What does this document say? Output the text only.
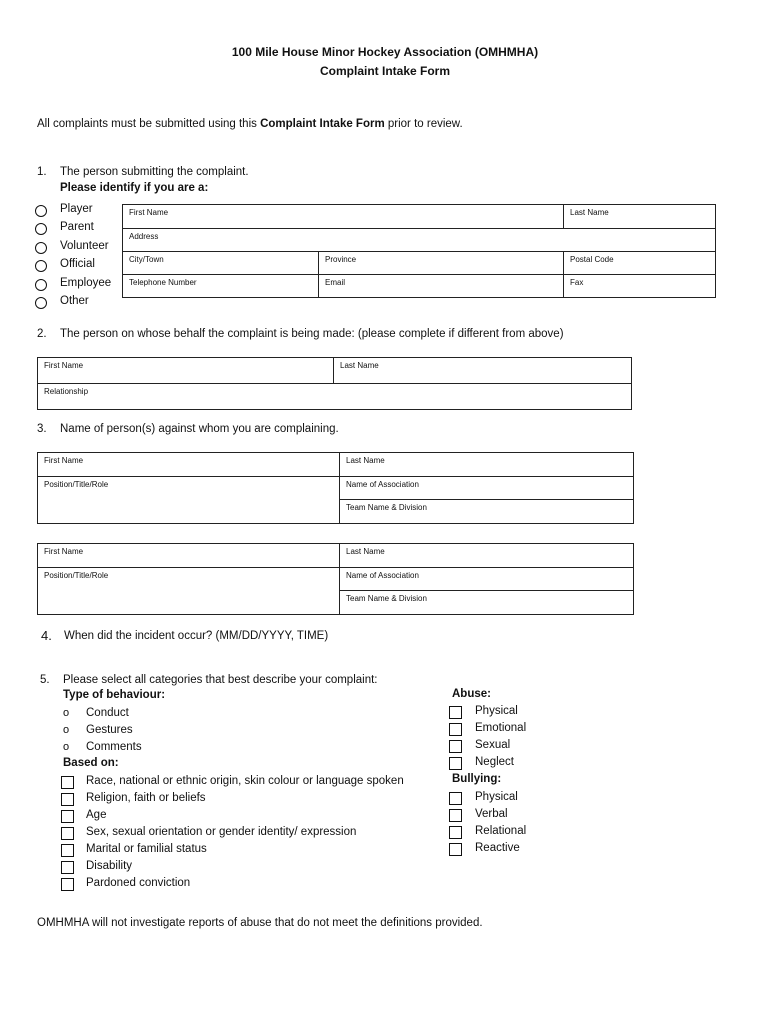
100 Mile House Minor Hockey Association (OMHMHA)
Complaint Intake Form
All complaints must be submitted using this Complaint Intake Form prior to review.
1. The person submitting the complaint.
Please identify if you are a:
Player
Parent
Volunteer
Official
Employee
Other
First Name		Last Name
Address		
City/Town	Province	Postal Code
Telephone Number	Email	Fax
2. The person on whose behalf the complaint is being made: (please complete if different from above)
First Name	Last Name
Relationship
3. Name of person(s) against whom you are complaining.
First Name	Last Name
Position/Title/Role	Name of Association
	Team Name & Division
First Name	Last Name
Position/Title/Role	Name of Association
	Team Name & Division
4. When did the incident occur? (MM/DD/YYYY, TIME)
5. Please select all categories that best describe your complaint:
Type of behaviour:
o Conduct
o Gestures
o Comments
Based on:
Race, national or ethnic origin, skin colour or language spoken
Religion, faith or beliefs
Age
Sex, sexual orientation or gender identity/ expression
Marital or familial status
Disability
Pardoned conviction
Abuse:
Physical
Emotional
Sexual
Neglect
Bullying:
Physical
Verbal
Relational
Reactive
OMHMHA will not investigate reports of abuse that do not meet the definitions provided.
